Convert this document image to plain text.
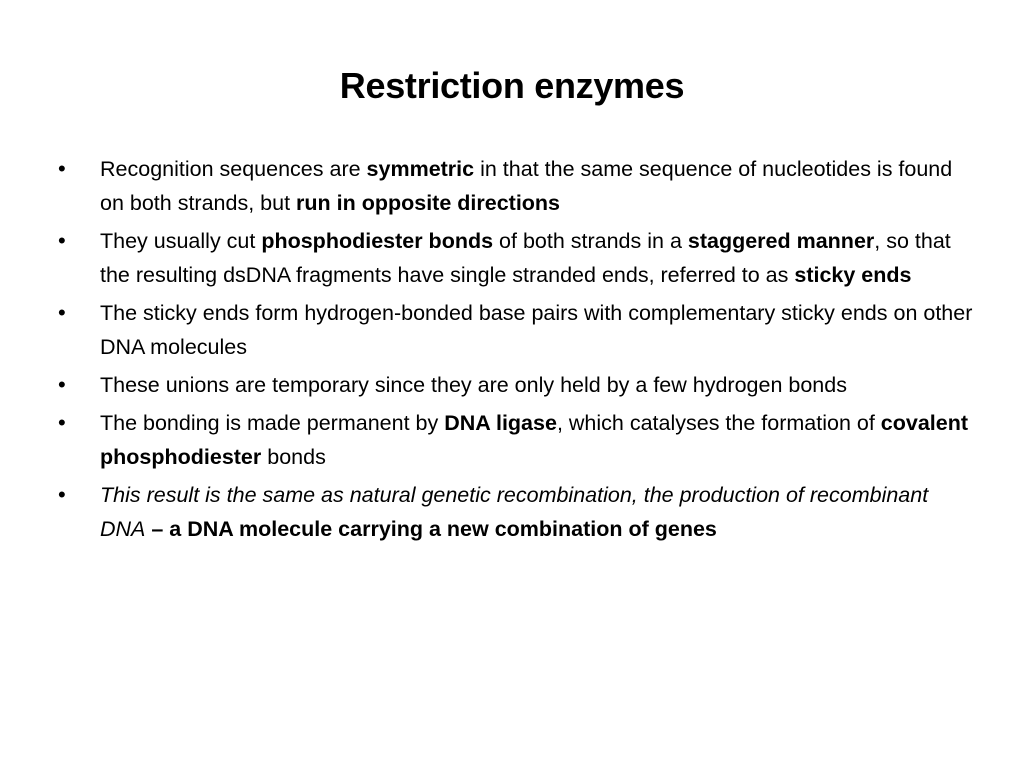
Restriction enzymes
•	Recognition sequences are symmetric in that the same sequence of nucleotides is found on both strands, but run in opposite directions
•	They usually cut phosphodiester bonds of both strands in a staggered manner, so that the resulting dsDNA fragments have single stranded ends, referred to as sticky ends
•	The sticky ends form hydrogen-bonded base pairs with complementary sticky ends on other DNA molecules
•	These unions are temporary since they are only held by a few hydrogen bonds
•	The bonding is made permanent by DNA ligase, which catalyses the formation of covalent phosphodiester bonds
•	This result is the same as natural genetic recombination, the production of recombinant DNA – a DNA molecule carrying a new combination of genes
